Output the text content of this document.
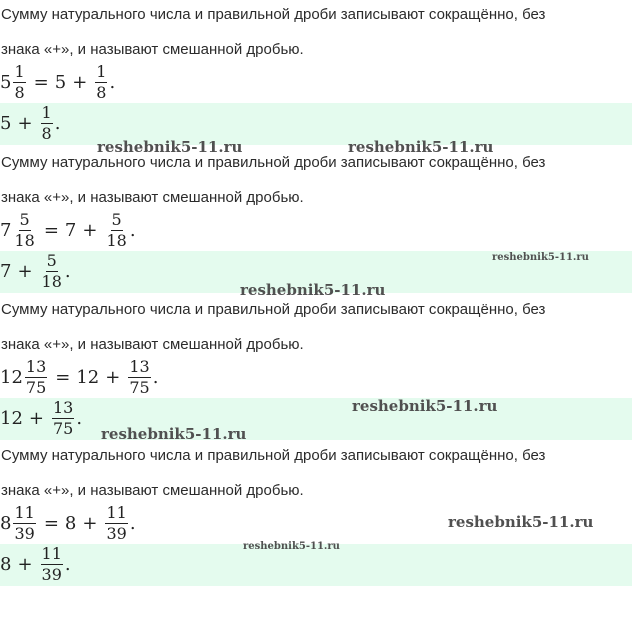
Сумму натурального числа и правильной дроби записывают сокращённо, без
знака «+», и называют смешанной дробью.
$5 \frac{1}{8} = 5 + \frac{1}{8}$ .
$5 + \frac{1}{8}$ .
Сумму натурального числа и правильной дроби записывают сокращённо, без
знака «+», и называют смешанной дробью.
$7 \frac{5}{18} = 7 + \frac{5}{18}$ .
$7 + \frac{5}{18}$ .
Сумму натурального числа и правильной дроби записывают сокращённо, без
знака «+», и называют смешанной дробью.
$12 \frac{13}{75} = 12 + \frac{13}{75}$ .
$12 + \frac{13}{75}$ .
Сумму натурального числа и правильной дроби записывают сокращённо, без
знака «+», и называют смешанной дробью.
$8 \frac{11}{39} = 8 + \frac{11}{39}$ .
$8 + \frac{11}{39}$ .
reshebnik5-11.ru	reshebnik5-11.ru
reshebnik5-11.ru
reshebnik5-11.ru
reshebnik5-11.ru
reshebnik5-11.ru
reshebnik5-11.ru
reshebnik5-11.ru
